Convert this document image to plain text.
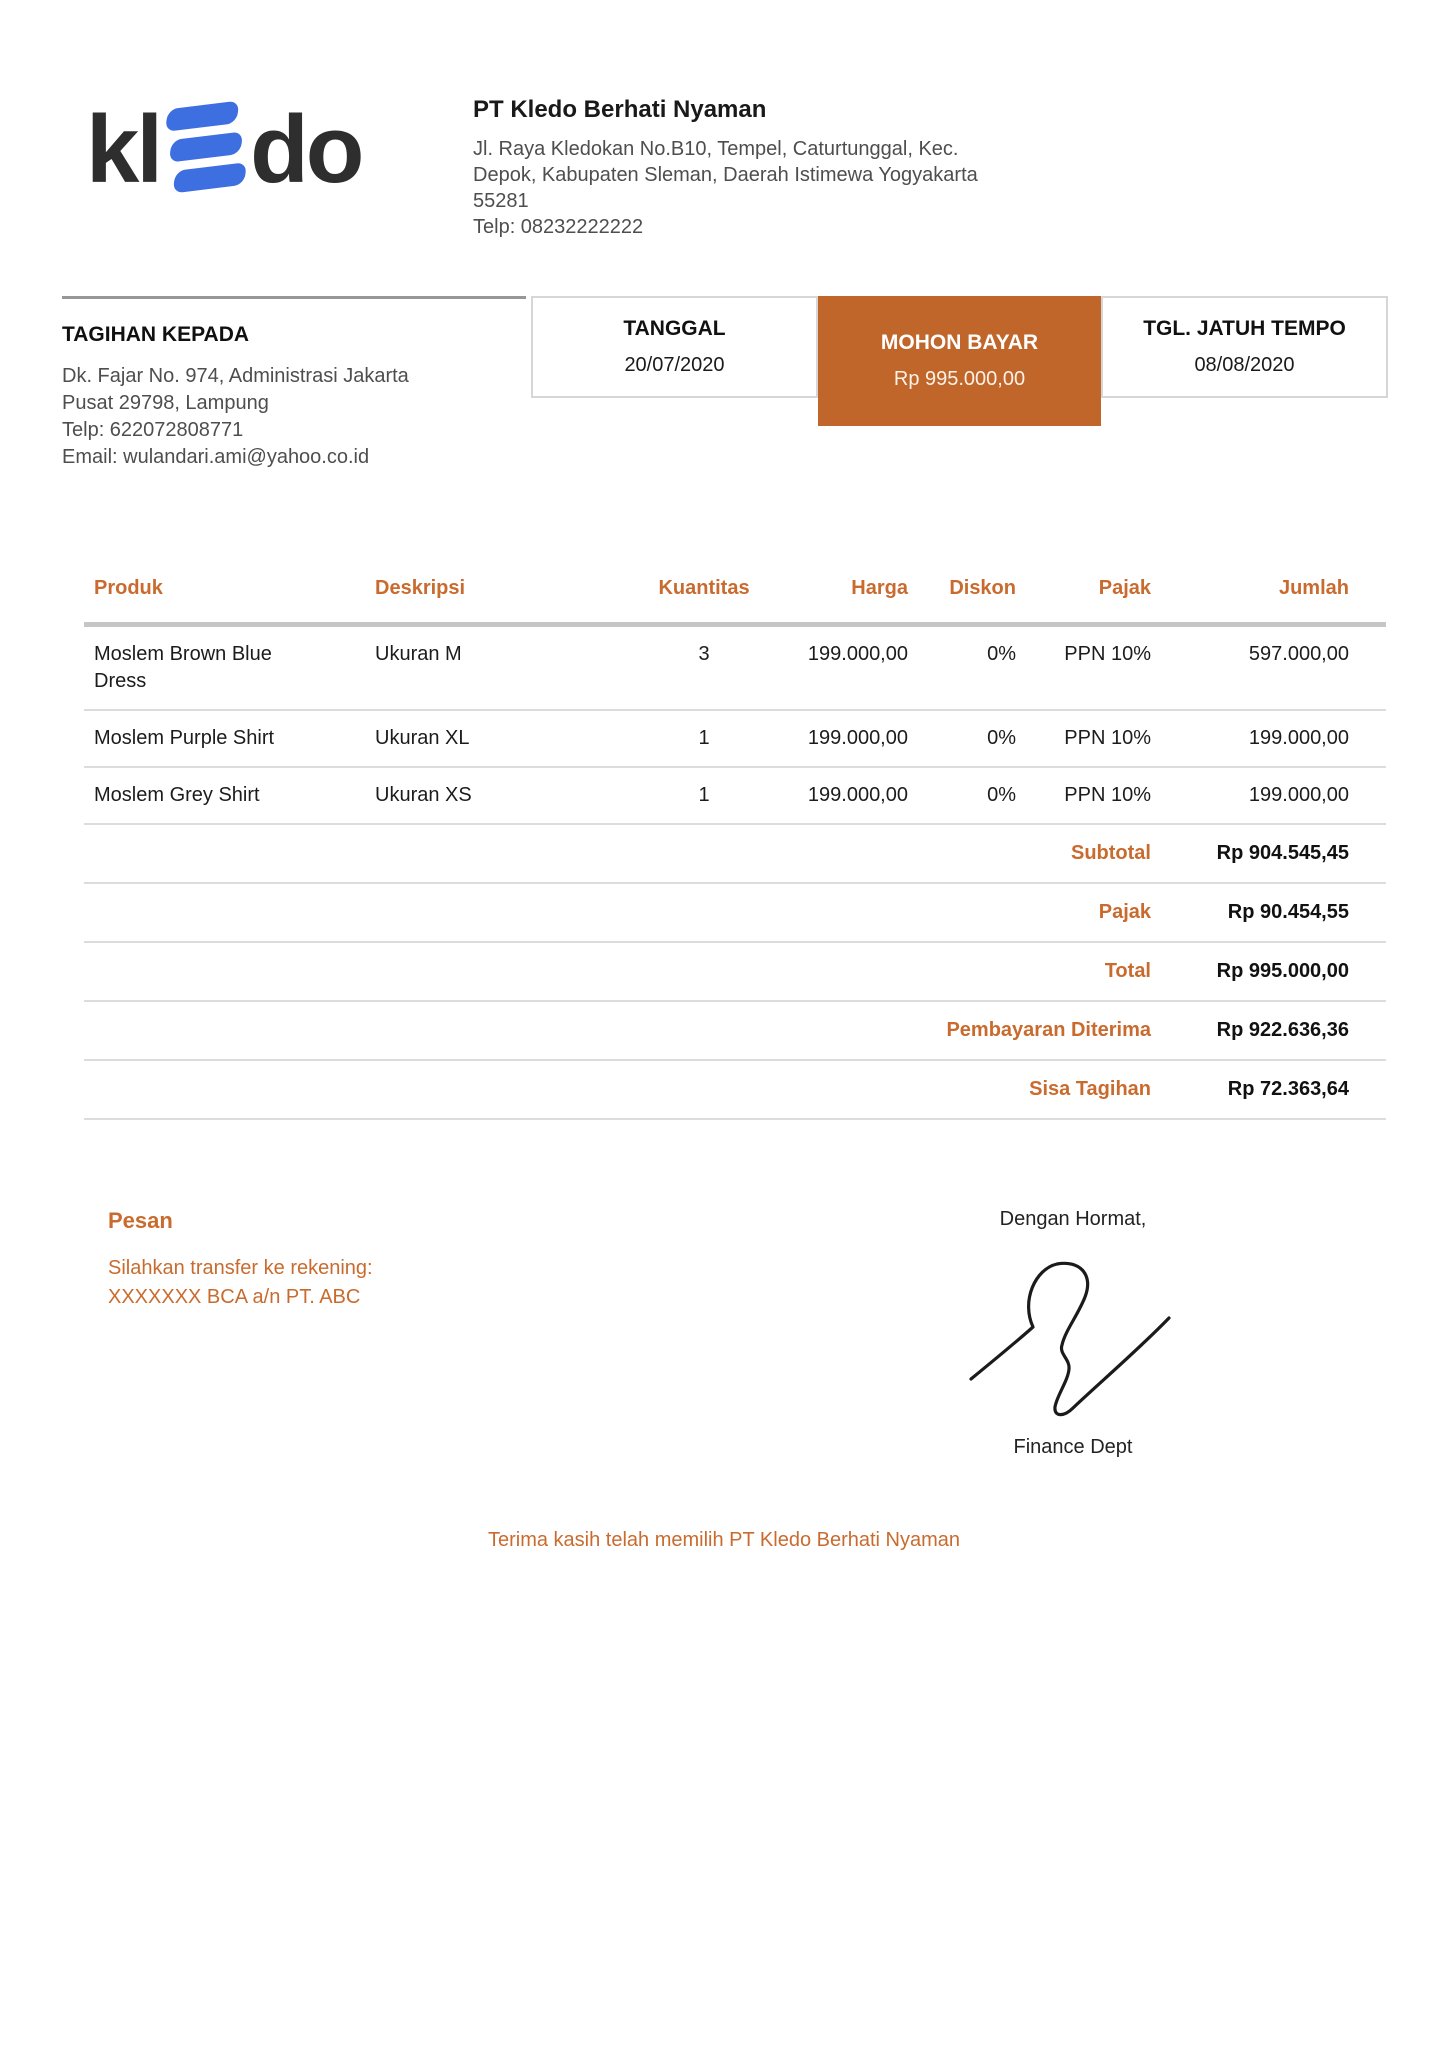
kl do	PT Kledo Berhati Nyaman
Jl. Raya Kledokan No.B10, Tempel, Caturtunggal, Kec.
Depok, Kabupaten Sleman, Daerah Istimewa Yogyakarta
55281
Telp: 08232222222
TAGIHAN KEPADA
Dk. Fajar No. 974, Administrasi Jakarta
Pusat 29798, Lampung
Telp: 622072808771
Email: wulandari.ami@yahoo.co.id
TANGGAL
20/07/2020
MOHON BAYAR
Rp 995.000,00
TGL. JATUH TEMPO
08/08/2020
Produk	Deskripsi	Kuantitas	Harga	Diskon	Pajak	Jumlah
Moslem Brown Blue Dress	Ukuran M	3	199.000,00	0%	PPN 10%	597.000,00
Moslem Purple Shirt	Ukuran XL	1	199.000,00	0%	PPN 10%	199.000,00
Moslem Grey Shirt	Ukuran XS	1	199.000,00	0%	PPN 10%	199.000,00
Subtotal						Rp 904.545,45
Pajak						Rp 90.454,55
Total						Rp 995.000,00
Pembayaran Diterima						Rp 922.636,36
Sisa Tagihan						Rp 72.363,64
Pesan
Silahkan transfer ke rekening:
XXXXXXX BCA a/n PT. ABC
Dengan Hormat,
Finance Dept
Terima kasih telah memilih PT Kledo Berhati Nyaman
